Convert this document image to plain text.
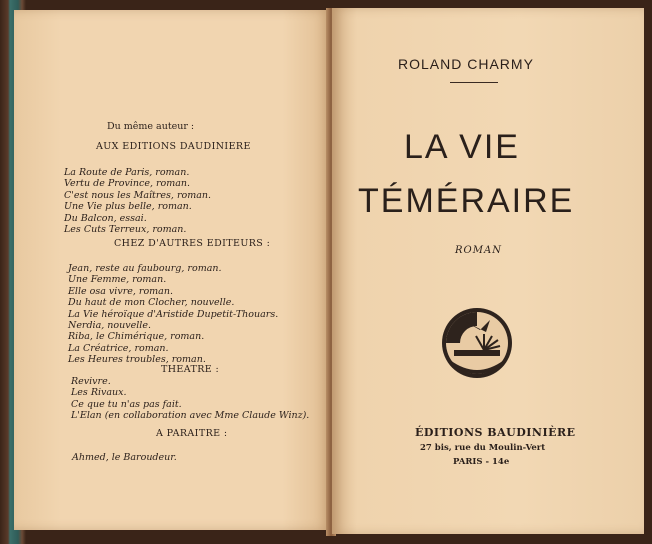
Du même auteur :
AUX EDITIONS DAUDINIERE
La Route de Paris, roman.
Vertu de Province, roman.
C'est nous les Maîtres, roman.
Une Vie plus belle, roman.
Du Balcon, essai.
Les Cuts Terreux, roman.
CHEZ D'AUTRES EDITEURS :
Jean, reste au faubourg, roman.
Une Femme, roman.
Elle osa vivre, roman.
Du haut de mon Clocher, nouvelle.
La Vie héroïque d'Aristide Dupetit-Thouars.
Nerdia, nouvelle.
Riba, le Chimérique, roman.
La Créatrice, roman.
Les Heures troubles, roman.
THEATRE :
Revivre.
Les Rivaux.
Ce que tu n'as pas fait.
L'Elan (en collaboration avec Mme Claude Winz).
A PARAITRE :
Ahmed, le Baroudeur.
ROLAND CHARMY
LA VIE
TÉMÉRAIRE
ROMAN
ÉDITIONS BAUDINIÈRE
27 bis, rue du Moulin-Vert
PARIS - 14e
